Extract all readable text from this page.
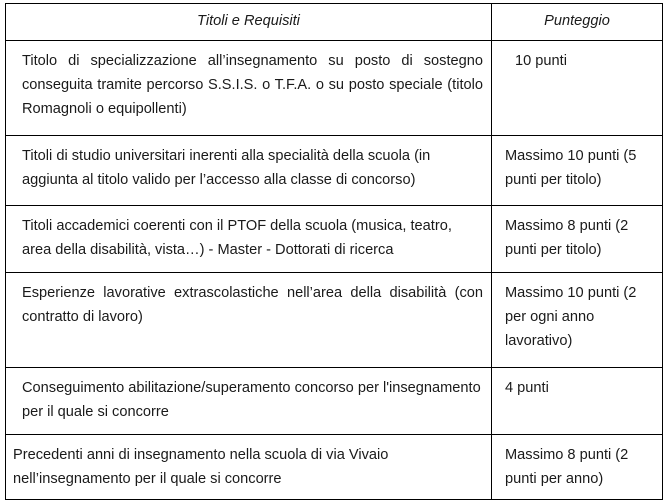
Titoli e Requisiti	Punteggio
Titolo di specializzazione all’insegnamento su posto di sostegno conseguita tramite percorso S.S.I.S. o T.F.A. o su posto speciale (titolo Romagnoli o equipollenti)	10 punti
Titoli di studio universitari inerenti alla specialità della scuola (in aggiunta al titolo valido per l’accesso alla classe di concorso)	Massimo 10 punti (5 punti per titolo)
Titoli accademici coerenti con il PTOF della scuola (musica, teatro, area della disabilità, vista…) - Master - Dottorati di ricerca	Massimo 8 punti (2 punti per titolo)
Esperienze lavorative extrascolastiche nell’area della disabilità (con contratto di lavoro)	Massimo 10 punti (2 per ogni anno lavorativo)
Conseguimento abilitazione/superamento concorso per l'insegnamento per il quale si concorre	4 punti
Precedenti anni di insegnamento nella scuola di via Vivaio nell’insegnamento per il quale si concorre	Massimo 8 punti (2 punti per anno)
